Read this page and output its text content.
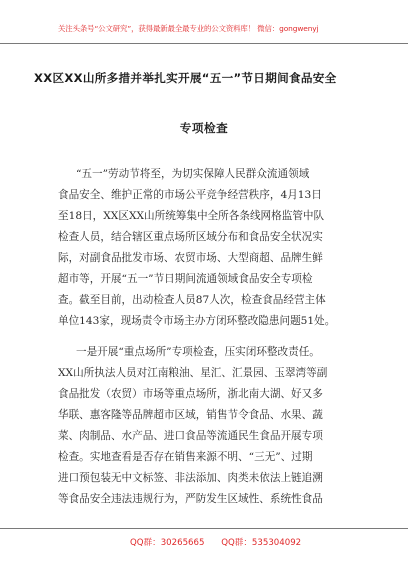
关注头条号“公文研究”，获得最新最全最专业的公文资料库！ 微信：gongwenyj
XX区XX山所多措并举扎实开展“五一”节日期间食品安全
专项检查
“五一”劳动节将至，为切实保障人民群众流通领域
食品安全、维护正常的市场公平竞争经营秩序，4月13日
至18日，XX区XX山所统筹集中全所各条线网格监管中队
检查人员，结合辖区重点场所区域分布和食品安全状况实
际，对副食品批发市场、农贸市场、大型商超、品牌生鲜
超市等，开展“五一”节日期间流通领域食品安全专项检
查。截至目前，出动检查人员87人次，检查食品经营主体
单位143家，现场责令市场主办方闭环整改隐患问题51处。
一是开展“重点场所”专项检查，压实闭环整改责任。
XX山所执法人员对江南粮油、星汇、汇景园、玉翠湾等副
食品批发（农贸）市场等重点场所，浙北南大湖、好又多
华联、惠客隆等品牌超市区域，销售节令食品、水果、蔬
菜、肉制品、水产品、进口食品等流通民生食品开展专项
检查。实地查看是否存在销售来源不明、“三无”、过期
进口预包装无中文标签、非法添加、肉类未依法上链追溯
等食品安全违法违规行为，严防发生区域性、系统性食品
QQ群：30265665 QQ群：535304092
